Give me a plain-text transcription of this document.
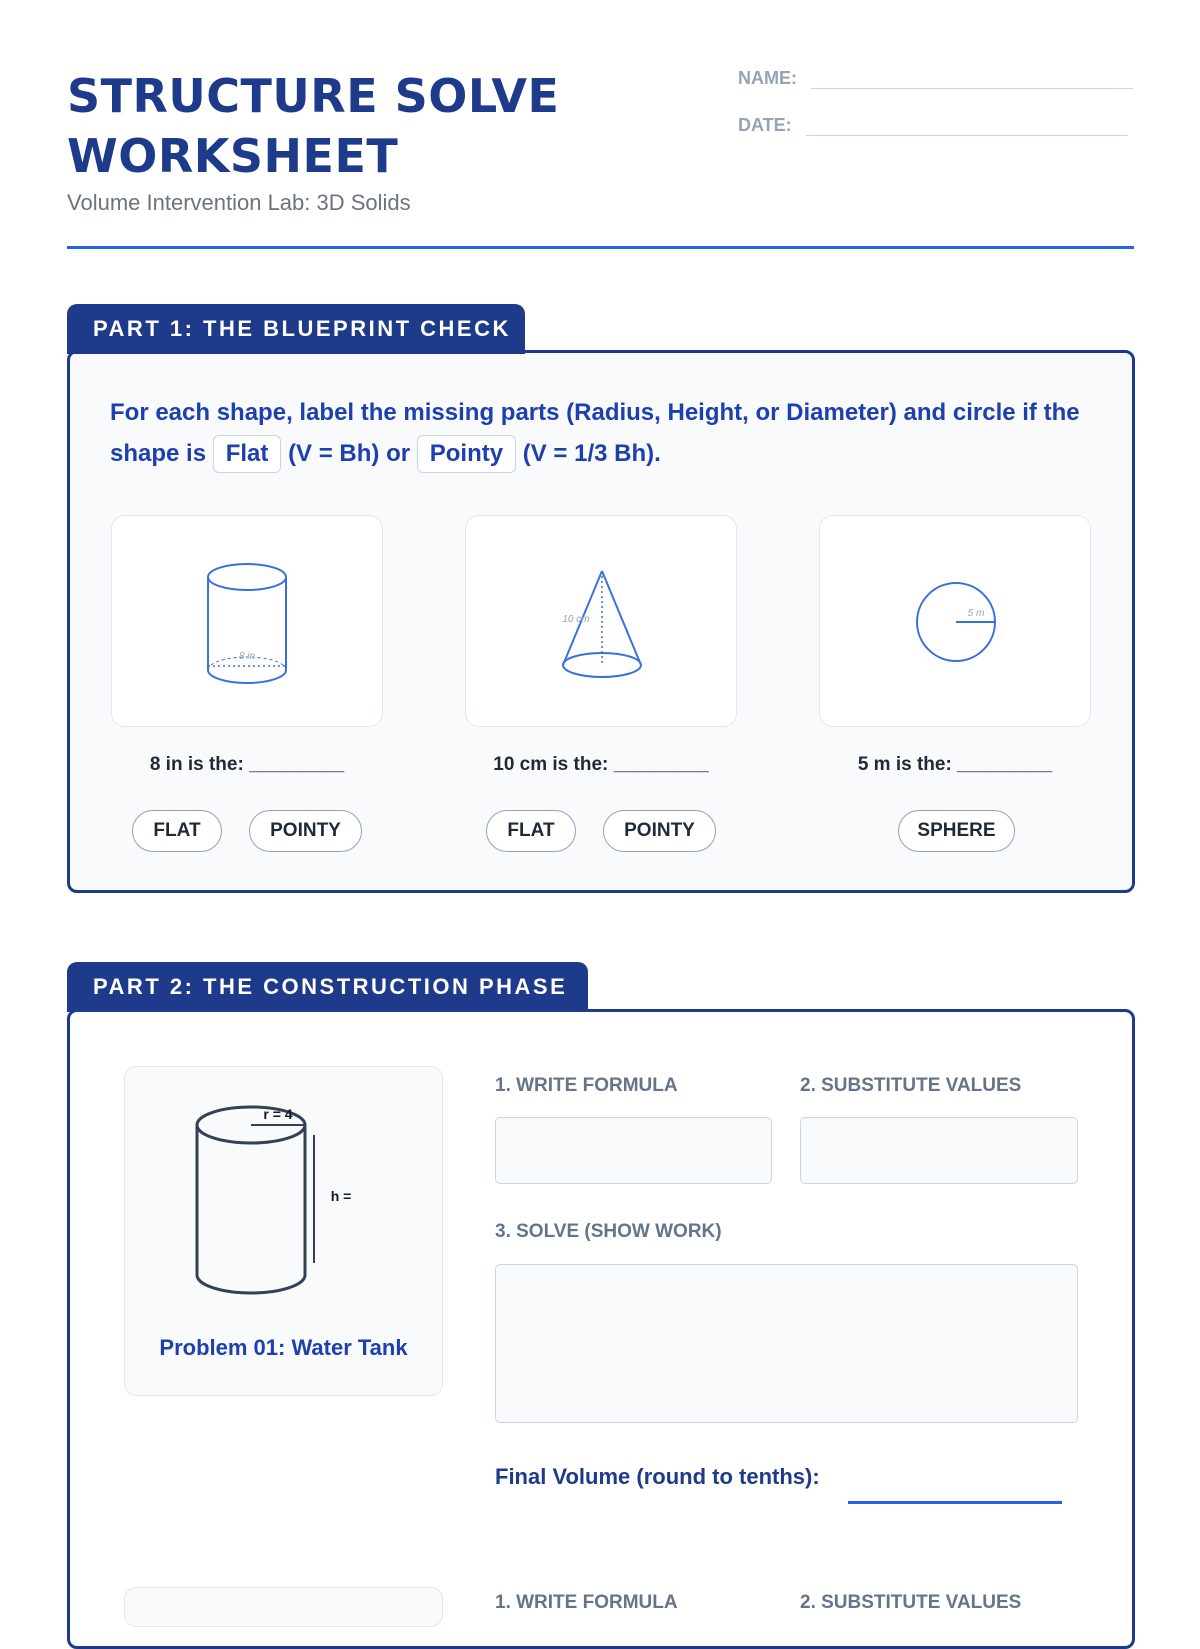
STRUCTURE SOLVE WORKSHEET
Volume Intervention Lab: 3D Solids
NAME:
DATE:
PART 1: THE BLUEPRINT CHECK

For each shape, label the missing parts (Radius, Height, or Diameter) and circle if the shape is Flat (V = Bh) or Pointy (V = 1/3 Bh).

8 in
8 in is the: _________
FLAT	POINTY
10 cm
10 cm is the: _________
FLAT	POINTY
5 m
5 m is the: _________
SPHERE
PART 2: THE CONSTRUCTION PHASE
r = 4
h =
Problem 01: Water Tank
1. WRITE FORMULA	2. SUBSTITUTE VALUES
3. SOLVE (SHOW WORK)
Final Volume (round to tenths):
1. WRITE FORMULA	2. SUBSTITUTE VALUES
